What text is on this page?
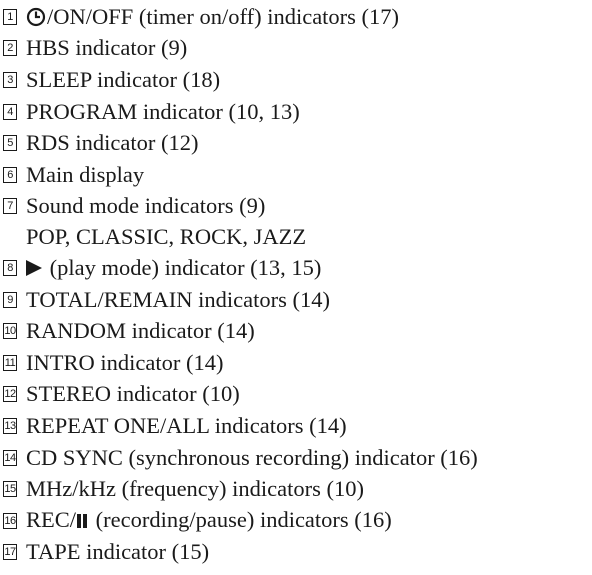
1	/ON/OFF (timer on/off) indicators (17)
2 HBS indicator (9)
3 SLEEP indicator (18)
4 PROGRAM indicator (10, 13)
5 RDS indicator (12)
6 Main display
7 Sound mode indicators (9)
POP, CLASSIC, ROCK, JAZZ
8	(play mode) indicator (13, 15)
9 TOTAL/REMAIN indicators (14)
10 RANDOM indicator (14)
11 INTRO indicator (14)
12 STEREO indicator (10)
13 REPEAT ONE/ALL indicators (14)
14 CD SYNC (synchronous recording) indicator (16)
15 MHz/kHz (frequency) indicators (10)
16 REC/ (recording/pause) indicators (16)
17 TAPE indicator (15)
